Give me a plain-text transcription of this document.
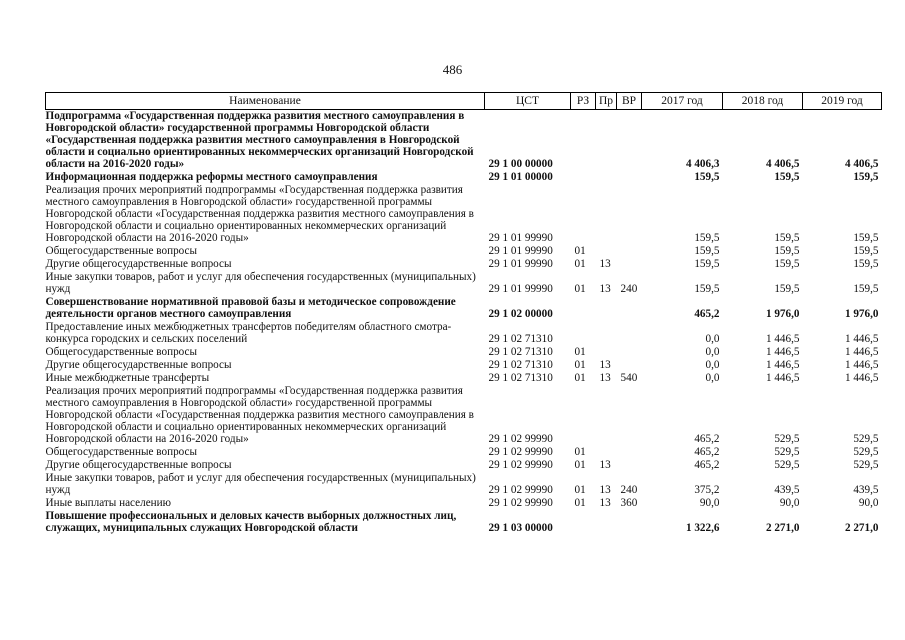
486
Наименование	ЦСТ	РЗ	Пр	ВР	2017 год	2018 год	2019 год
Подпрограмма «Государственная поддержка развития местного самоуправления в Новгородской области» государственной программы Новгородской области «Государственная поддержка развития местного самоуправления в Новгородской области и социально ориентированных некоммерческих организаций Новгородской области на 2016-2020 годы»	29 1 00 00000				4 406,3	4 406,5	4 406,5
Информационная поддержка реформы местного самоуправления	29 1 01 00000				159,5	159,5	159,5
Реализация прочих мероприятий подпрограммы «Государственная поддержка развития местного самоуправления в Новгородской области» государственной программы Новгородской области «Государственная поддержка развития местного самоуправления в Новгородской области и социально ориентированных некоммерческих организаций Новгородской области на 2016-2020 годы»	29 1 01 99990				159,5	159,5	159,5
Общегосударственные вопросы	29 1 01 99990	01			159,5	159,5	159,5
Другие общегосударственные вопросы	29 1 01 99990	01	13		159,5	159,5	159,5
Иные закупки товаров, работ и услуг для обеспечения государственных (муниципальных) нужд	29 1 01 99990	01	13	240	159,5	159,5	159,5
Совершенствование нормативной правовой базы и методическое сопровождение деятельности органов местного самоуправления	29 1 02 00000				465,2	1 976,0	1 976,0
Предоставление иных межбюджетных трансфертов победителям областного смотра-конкурса городских и сельских поселений	29 1 02 71310				0,0	1 446,5	1 446,5
Общегосударственные вопросы	29 1 02 71310	01			0,0	1 446,5	1 446,5
Другие общегосударственные вопросы	29 1 02 71310	01	13		0,0	1 446,5	1 446,5
Иные межбюджетные трансферты	29 1 02 71310	01	13	540	0,0	1 446,5	1 446,5
Реализация прочих мероприятий подпрограммы «Государственная поддержка развития местного самоуправления в Новгородской области» государственной программы Новгородской области «Государственная поддержка развития местного самоуправления в Новгородской области и социально ориентированных некоммерческих организаций Новгородской области на 2016-2020 годы»	29 1 02 99990				465,2	529,5	529,5
Общегосударственные вопросы	29 1 02 99990	01			465,2	529,5	529,5
Другие общегосударственные вопросы	29 1 02 99990	01	13		465,2	529,5	529,5
Иные закупки товаров, работ и услуг для обеспечения государственных (муниципальных) нужд	29 1 02 99990	01	13	240	375,2	439,5	439,5
Иные выплаты населению	29 1 02 99990	01	13	360	90,0	90,0	90,0
Повышение профессиональных и деловых качеств выборных должностных лиц, служащих, муниципальных служащих Новгородской области	29 1 03 00000				1 322,6	2 271,0	2 271,0
